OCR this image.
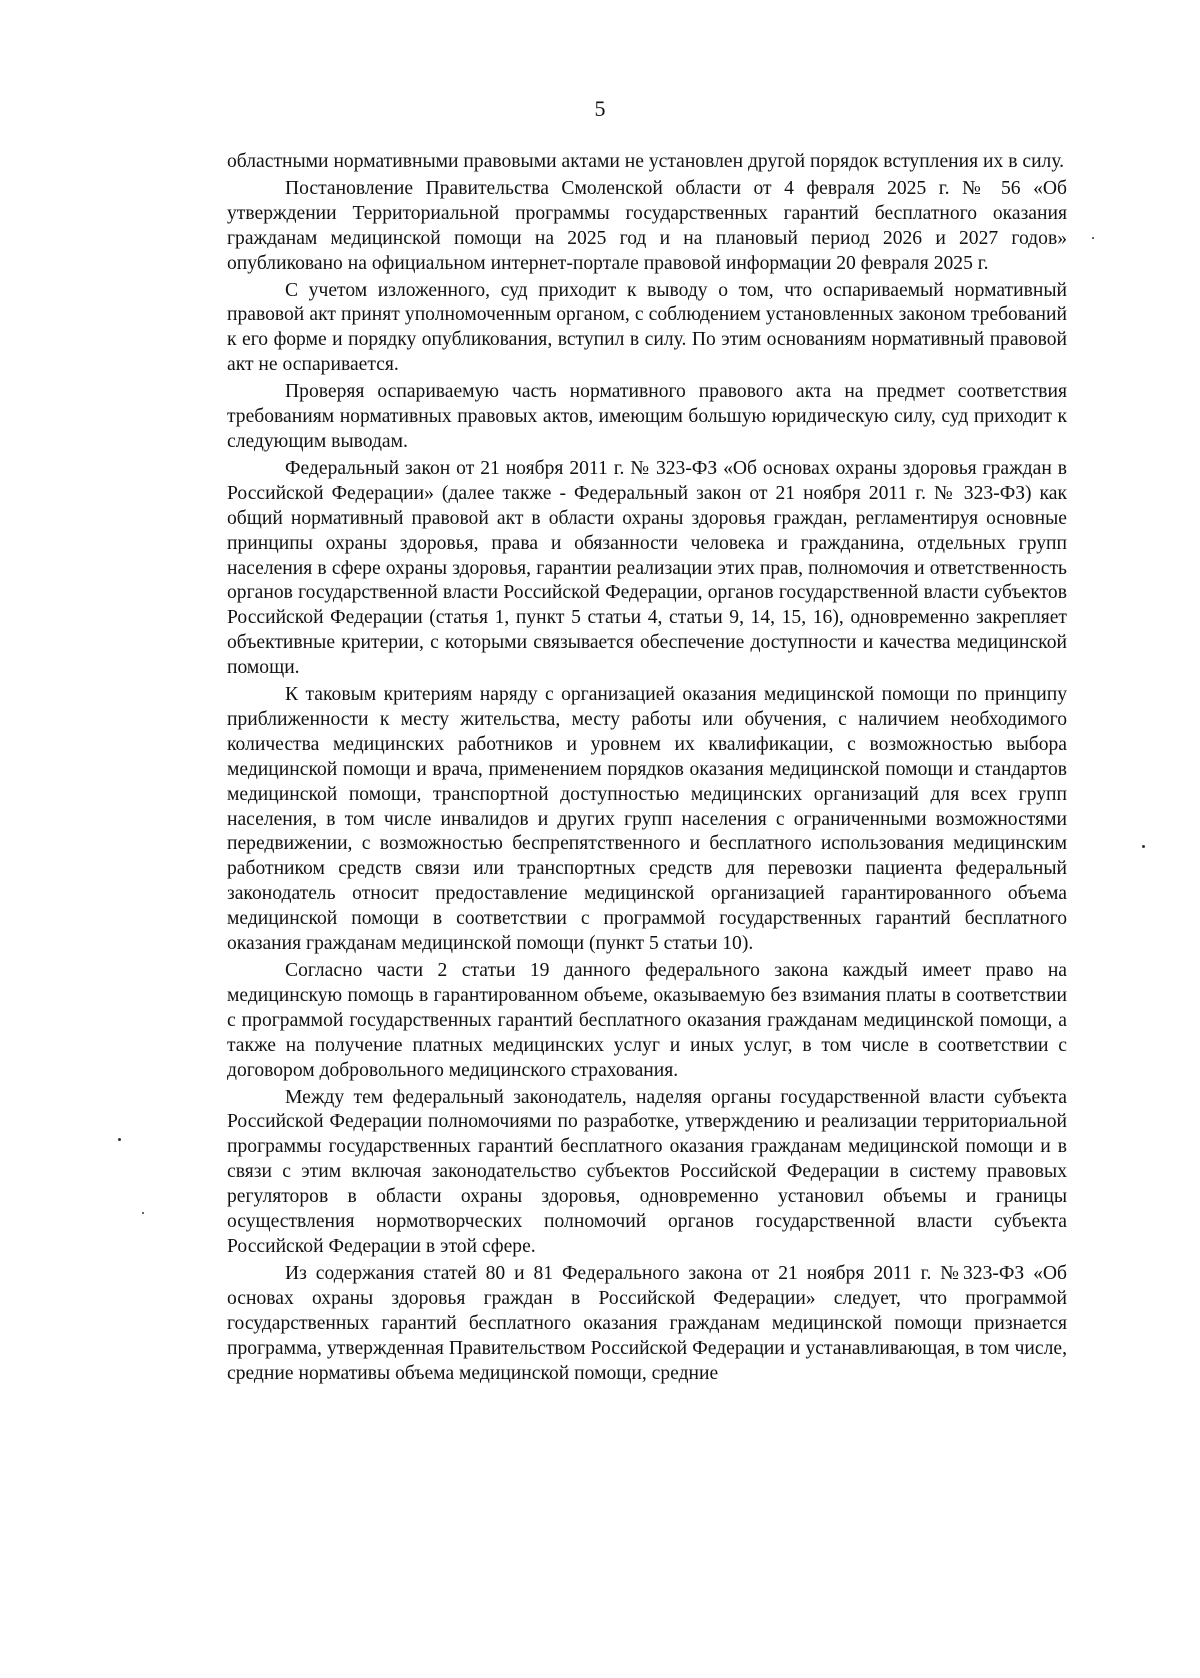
5

областными нормативными правовыми актами не установлен другой порядок вступления их в силу.

Постановление Правительства Смоленской области от 4 февраля 2025 г. № 56 «Об утверждении Территориальной программы государственных гарантий бесплатного оказания гражданам медицинской помощи на 2025 год и на плановый период 2026 и 2027 годов» опубликовано на официальном интернет-портале правовой информации 20 февраля 2025 г.

С учетом изложенного, суд приходит к выводу о том, что оспариваемый нормативный правовой акт принят уполномоченным органом, с соблюдением установленных законом требований к его форме и порядку опубликования, вступил в силу. По этим основаниям нормативный правовой акт не оспаривается.

Проверяя оспариваемую часть нормативного правового акта на предмет соответствия требованиям нормативных правовых актов, имеющим большую юридическую силу, суд приходит к следующим выводам.

Федеральный закон от 21 ноября 2011 г. № 323-ФЗ «Об основах охраны здоровья граждан в Российской Федерации» (далее также - Федеральный закон от 21 ноября 2011 г. № 323-ФЗ) как общий нормативный правовой акт в области охраны здоровья граждан, регламентируя основные принципы охраны здоровья, права и обязанности человека и гражданина, отдельных групп населения в сфере охраны здоровья, гарантии реализации этих прав, полномочия и ответственность органов государственной власти Российской Федерации, органов государственной власти субъектов Российской Федерации (статья 1, пункт 5 статьи 4, статьи 9, 14, 15, 16), одновременно закрепляет объективные критерии, с которыми связывается обеспечение доступности и качества медицинской помощи.

К таковым критериям наряду с организацией оказания медицинской помощи по принципу приближенности к месту жительства, месту работы или обучения, с наличием необходимого количества медицинских работников и уровнем их квалификации, с возможностью выбора медицинской помощи и врача, применением порядков оказания медицинской помощи и стандартов медицинской помощи, транспортной доступностью медицинских организаций для всех групп населения, в том числе инвалидов и других групп населения с ограниченными возможностями передвижении, с возможностью беспрепятственного и бесплатного использования медицинским работником средств связи или транспортных средств для перевозки пациента федеральный законодатель относит предоставление медицинской организацией гарантированного объема медицинской помощи в соответствии с программой государственных гарантий бесплатного оказания гражданам медицинской помощи (пункт 5 статьи 10).

Согласно части 2 статьи 19 данного федерального закона каждый имеет право на медицинскую помощь в гарантированном объеме, оказываемую без взимания платы в соответствии с программой государственных гарантий бесплатного оказания гражданам медицинской помощи, а также на получение платных медицинских услуг и иных услуг, в том числе в соответствии с договором добровольного медицинского страхования.

Между тем федеральный законодатель, наделяя органы государственной власти субъекта Российской Федерации полномочиями по разработке, утверждению и реализации территориальной программы государственных гарантий бесплатного оказания гражданам медицинской помощи и в связи с этим включая законодательство субъектов Российской Федерации в систему правовых регуляторов в области охраны здоровья, одновременно установил объемы и границы осуществления нормотворческих полномочий органов государственной власти субъекта Российской Федерации в этой сфере.

Из содержания статей 80 и 81 Федерального закона от 21 ноября 2011 г. №323-ФЗ «Об основах охраны здоровья граждан в Российской Федерации» следует, что программой государственных гарантий бесплатного оказания гражданам медицинской помощи признается программа, утвержденная Правительством Российской Федерации и устанавливающая, в том числе, средние нормативы объема медицинской помощи, средние
